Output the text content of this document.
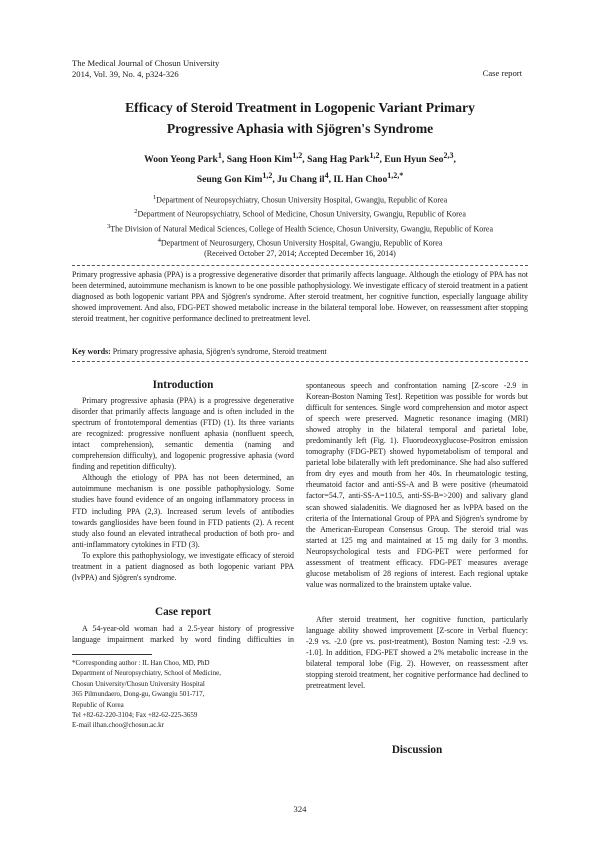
The Medical Journal of Chosun University
2014, Vol. 39, No. 4, p324-326	Case report
Efficacy of Steroid Treatment in Logopenic Variant Primary
Progressive Aphasia with Sjögren's Syndrome
Woon Yeong Park$^1$, Sang Hoon Kim$^{1,2}$, Sang Hag Park$^{1,2}$, Eun Hyun Seo$^{2,3}$,
Seung Gon Kim$^{1,2}$, Ju Chang $il^4$, IL Han Choo$^{1,2,*}$
$^1$Department of Neuropsychiatry, Chosun University Hospital, Gwangju, Republic of Korea
$^2$Department of Neuropsychiatry, School of Medicine, Chosun University, Gwangju, Republic of Korea
$^3$The Division of Natural Medical Sciences, College of Health Science, Chosun University, Gwangju, Republic of Korea
$^4$Department of Neurosurgery, Chosun University Hospital, Gwangju, Republic of Korea
(Received October 27, 2014; Accepted December 16, 2014)
Primary progressive aphasia (PPA) is a progressive degenerative disorder that primarily affects language. Although the etiology of PPA has not been determined, autoimmune mechanism is known to be one possible pathophysiology. We investigate efficacy of steroid treatment in a patient diagnosed as both logopenic variant PPA and Sjögren's syndrome. After steroid treatment, her cognitive function, especially language ability showed improvement. And also, FDG-PET showed metabolic increase in the bilateral temporal lobe. However, on reassessment after stopping steroid treatment, her cognitive performance declined to pretreatment level.
Key words: Primary progressive aphasia, Sjögren's syndrome, Steroid treatment
Introduction

Primary progressive aphasia (PPA) is a progressive degenerative disorder that primarily affects language and is often included in the spectrum of frontotemporal dementias (FTD) (1). Its three variants are recognized: progressive nonfluent aphasia (nonfluent speech, intact comprehension), semantic dementia (naming and comprehension difficulty), and logopenic progressive aphasia (word finding and repetition difficulty).

Although the etiology of PPA has not been determined, an autoimmune mechanism is one possible pathophysiology. Some studies have found evidence of an ongoing inflammatory process in FTD including PPA (2,3). Increased serum levels of antibodies towards gangliosides have been found in FTD patients (2). A recent study also found an elevated intrathecal production of both pro- and anti-inflammatory cytokines in FTD (3).

To explore this pathophysiology, we investigate efficacy of steroid treatment in a patient diagnosed as both logopenic variant PPA (lvPPA) and Sjögren's syndrome.

Case report

A 54-year-old woman had a 2.5-year history of progressive language impairment marked by word finding difficulties in

*Corresponding author : IL Han Choo, MD, PhD
Department of Neuropsychiatry, School of Medicine,
Chosun University/Chosun University Hospital
365 Pilmundaero, Dong-gu, Gwangju 501-717,
Republic of Korea
Tel +82-62-220-3104; Fax +82-62-225-3659
E-mail ilhan.choo@chosun.ac.kr

spontaneous speech and confrontation naming [Z-score -2.9 in Korean-Boston Naming Test]. Repetition was possible for words but difficult for sentences. Single word comprehension and motor aspect of speech were preserved. Magnetic resonance imaging (MRI) showed atrophy in the bilateral temporal and parietal lobe, predominantly left (Fig. 1). Fluorodeoxyglucose-Positron emission tomography (FDG-PET) showed hypometabolism of temporal and parietal lobe bilaterally with left predominance. She had also suffered from dry eyes and mouth from her 40s. In rheumatologic testing, rheumatoid factor and anti-SS-A and B were positive (rheumatoid factor=54.7, anti-SS-A=110.5, anti-SS-B=>200) and salivary gland scan showed sialadenitis. We diagnosed her as lvPPA based on the criteria of the International Group of PPA and Sjögren's syndrome by the American-European Consensus Group. The steroid trial was started at 125 mg and maintained at 15 mg daily for 3 months. Neuropsychological tests and FDG-PET were performed for assessment of treatment efficacy. FDG-PET measures average glucose metabolism of 28 regions of interest. Each regional uptake value was normalized to the brainstem uptake value.

After steroid treatment, her cognitive function, particularly language ability showed improvement [Z-score in Verbal fluency: -2.9 vs. -2.0 (pre vs. post-treatment), Boston Naming test: -2.9 vs. -1.0]. In addition, FDG-PET showed a 2% metabolic increase in the bilateral temporal lobe (Fig. 2). However, on reassessment after stopping steroid treatment, her cognitive performance had declined to pretreatment level.

Discussion
324
